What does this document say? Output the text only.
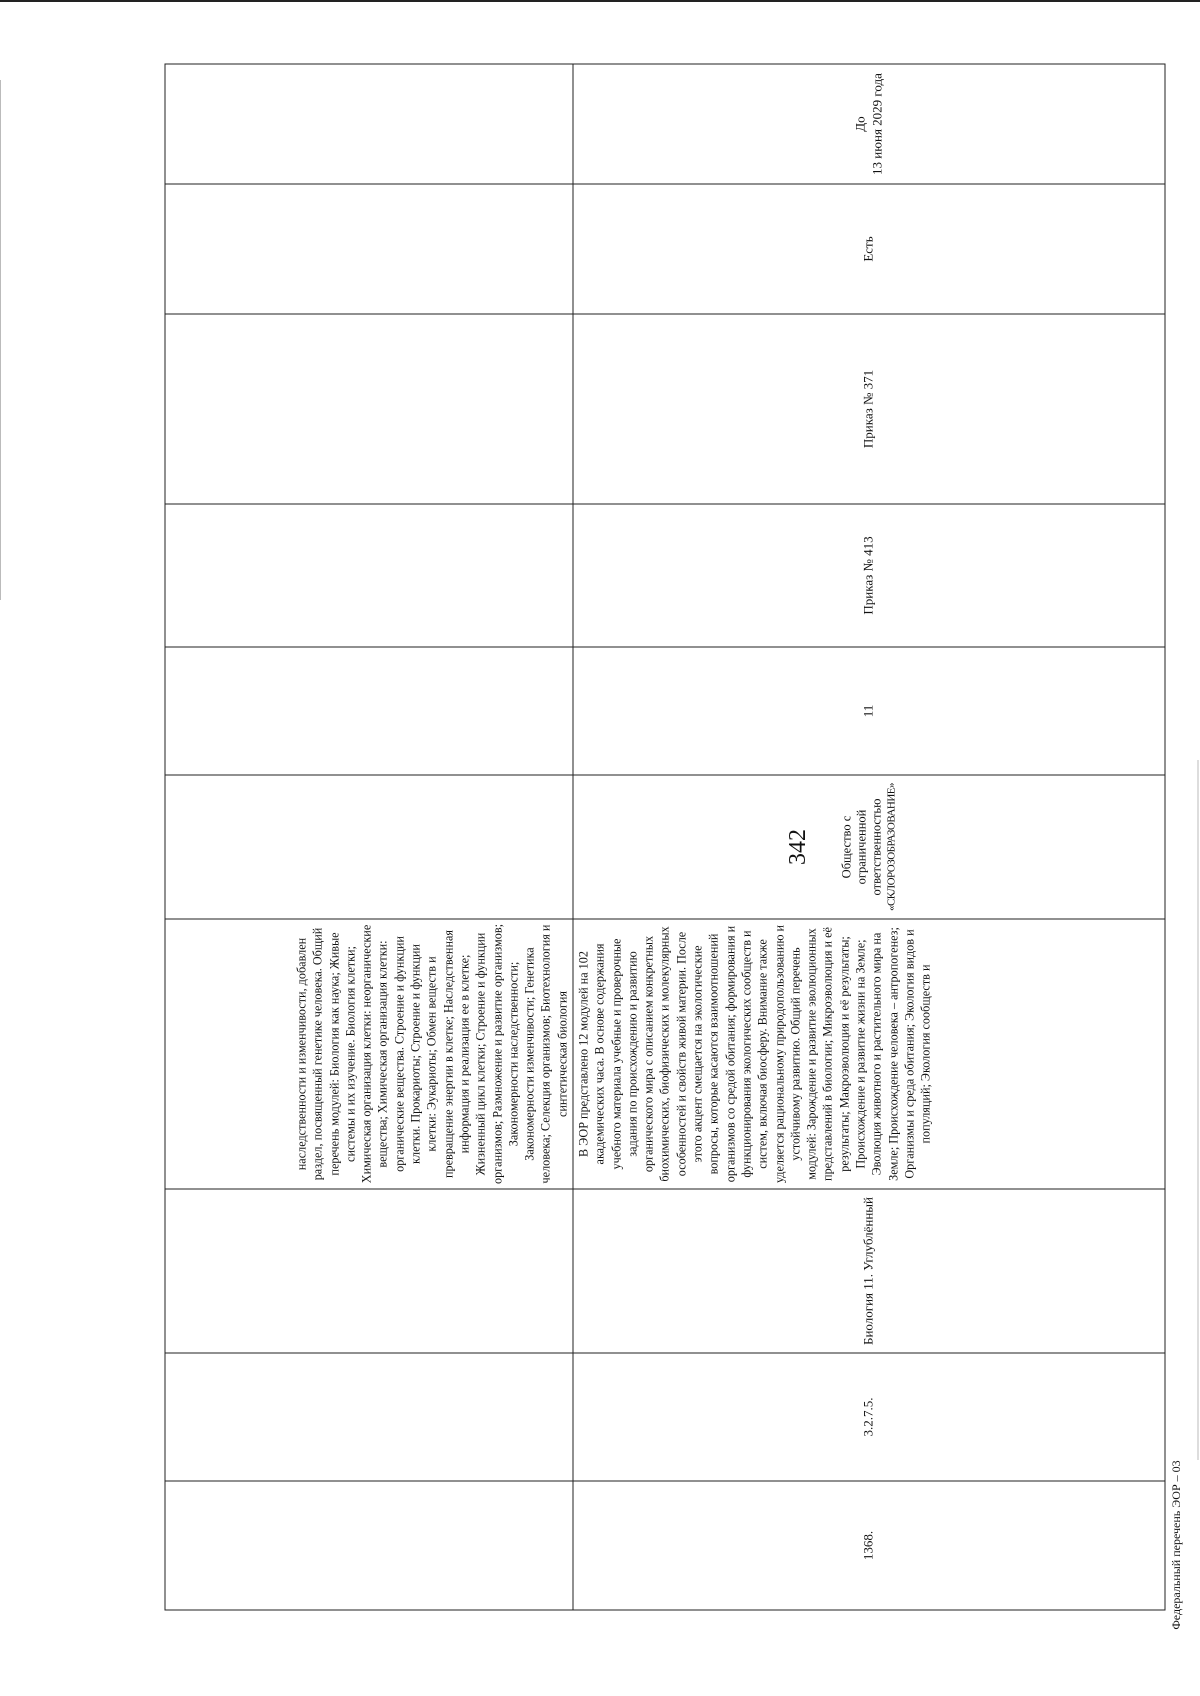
342
наследственности и изменчивости, добавлен раздел, посвященный генетике человека. Общий перечень модулей: Биология как наука; Живые системы и их изучение. Биология клетки; Химическая организация клетки: неорганические вещества; Химическая организация клетки: органические вещества. Строение и функции клетки. Прокариоты; Строение и функции клетки: Эукариоты; Обмен веществ и превращение энергии в клетке; Наследственная информация и реализация ее в клетке; Жизненный цикл клетки; Строение и функции организмов; Размножение и развитие организмов; Закономерности наследственности; Закономерности изменчивости; Генетика человека; Селекция организмов; Биотехнология и синтетическая биология
1368.
3.2.7.5.
Биология 11. Углублённый
В ЭОР представлено 12 модулей на 102 академических часа. В основе содержания учебного материала учебные и проверочные задания по происхождению и развитию органического мира с описанием конкретных биохимических, биофизических и молекулярных особенностей и свойств живой материи. После этого акцент смещается на экологические вопросы, которые касаются взаимоотношений организмов со средой обитания; формирования и функционирования экологических сообществ и систем, включая биосферу. Внимание также уделяется рациональному природопользованию и устойчивому развитию. Общий перечень модулей: Зарождение и развитие эволюционных представлений в биологии; Микроэволюция и её результаты; Макроэволюция и её результаты; Происхождение и развитие жизни на Земле; Эволюция животного и растительного мира на Земле; Происхождение человека – антропогенез; Организмы и среда обитания; Экология видов и популяций; Экология сообществ и
Общество с ограниченной ответственностью «СКЛОРОЗОБРАЗОВАНИЕ»
11
Приказ № 413
Приказ № 371
Есть
До 13 июня 2029 года
Федеральный перечень ЭОР – 03
